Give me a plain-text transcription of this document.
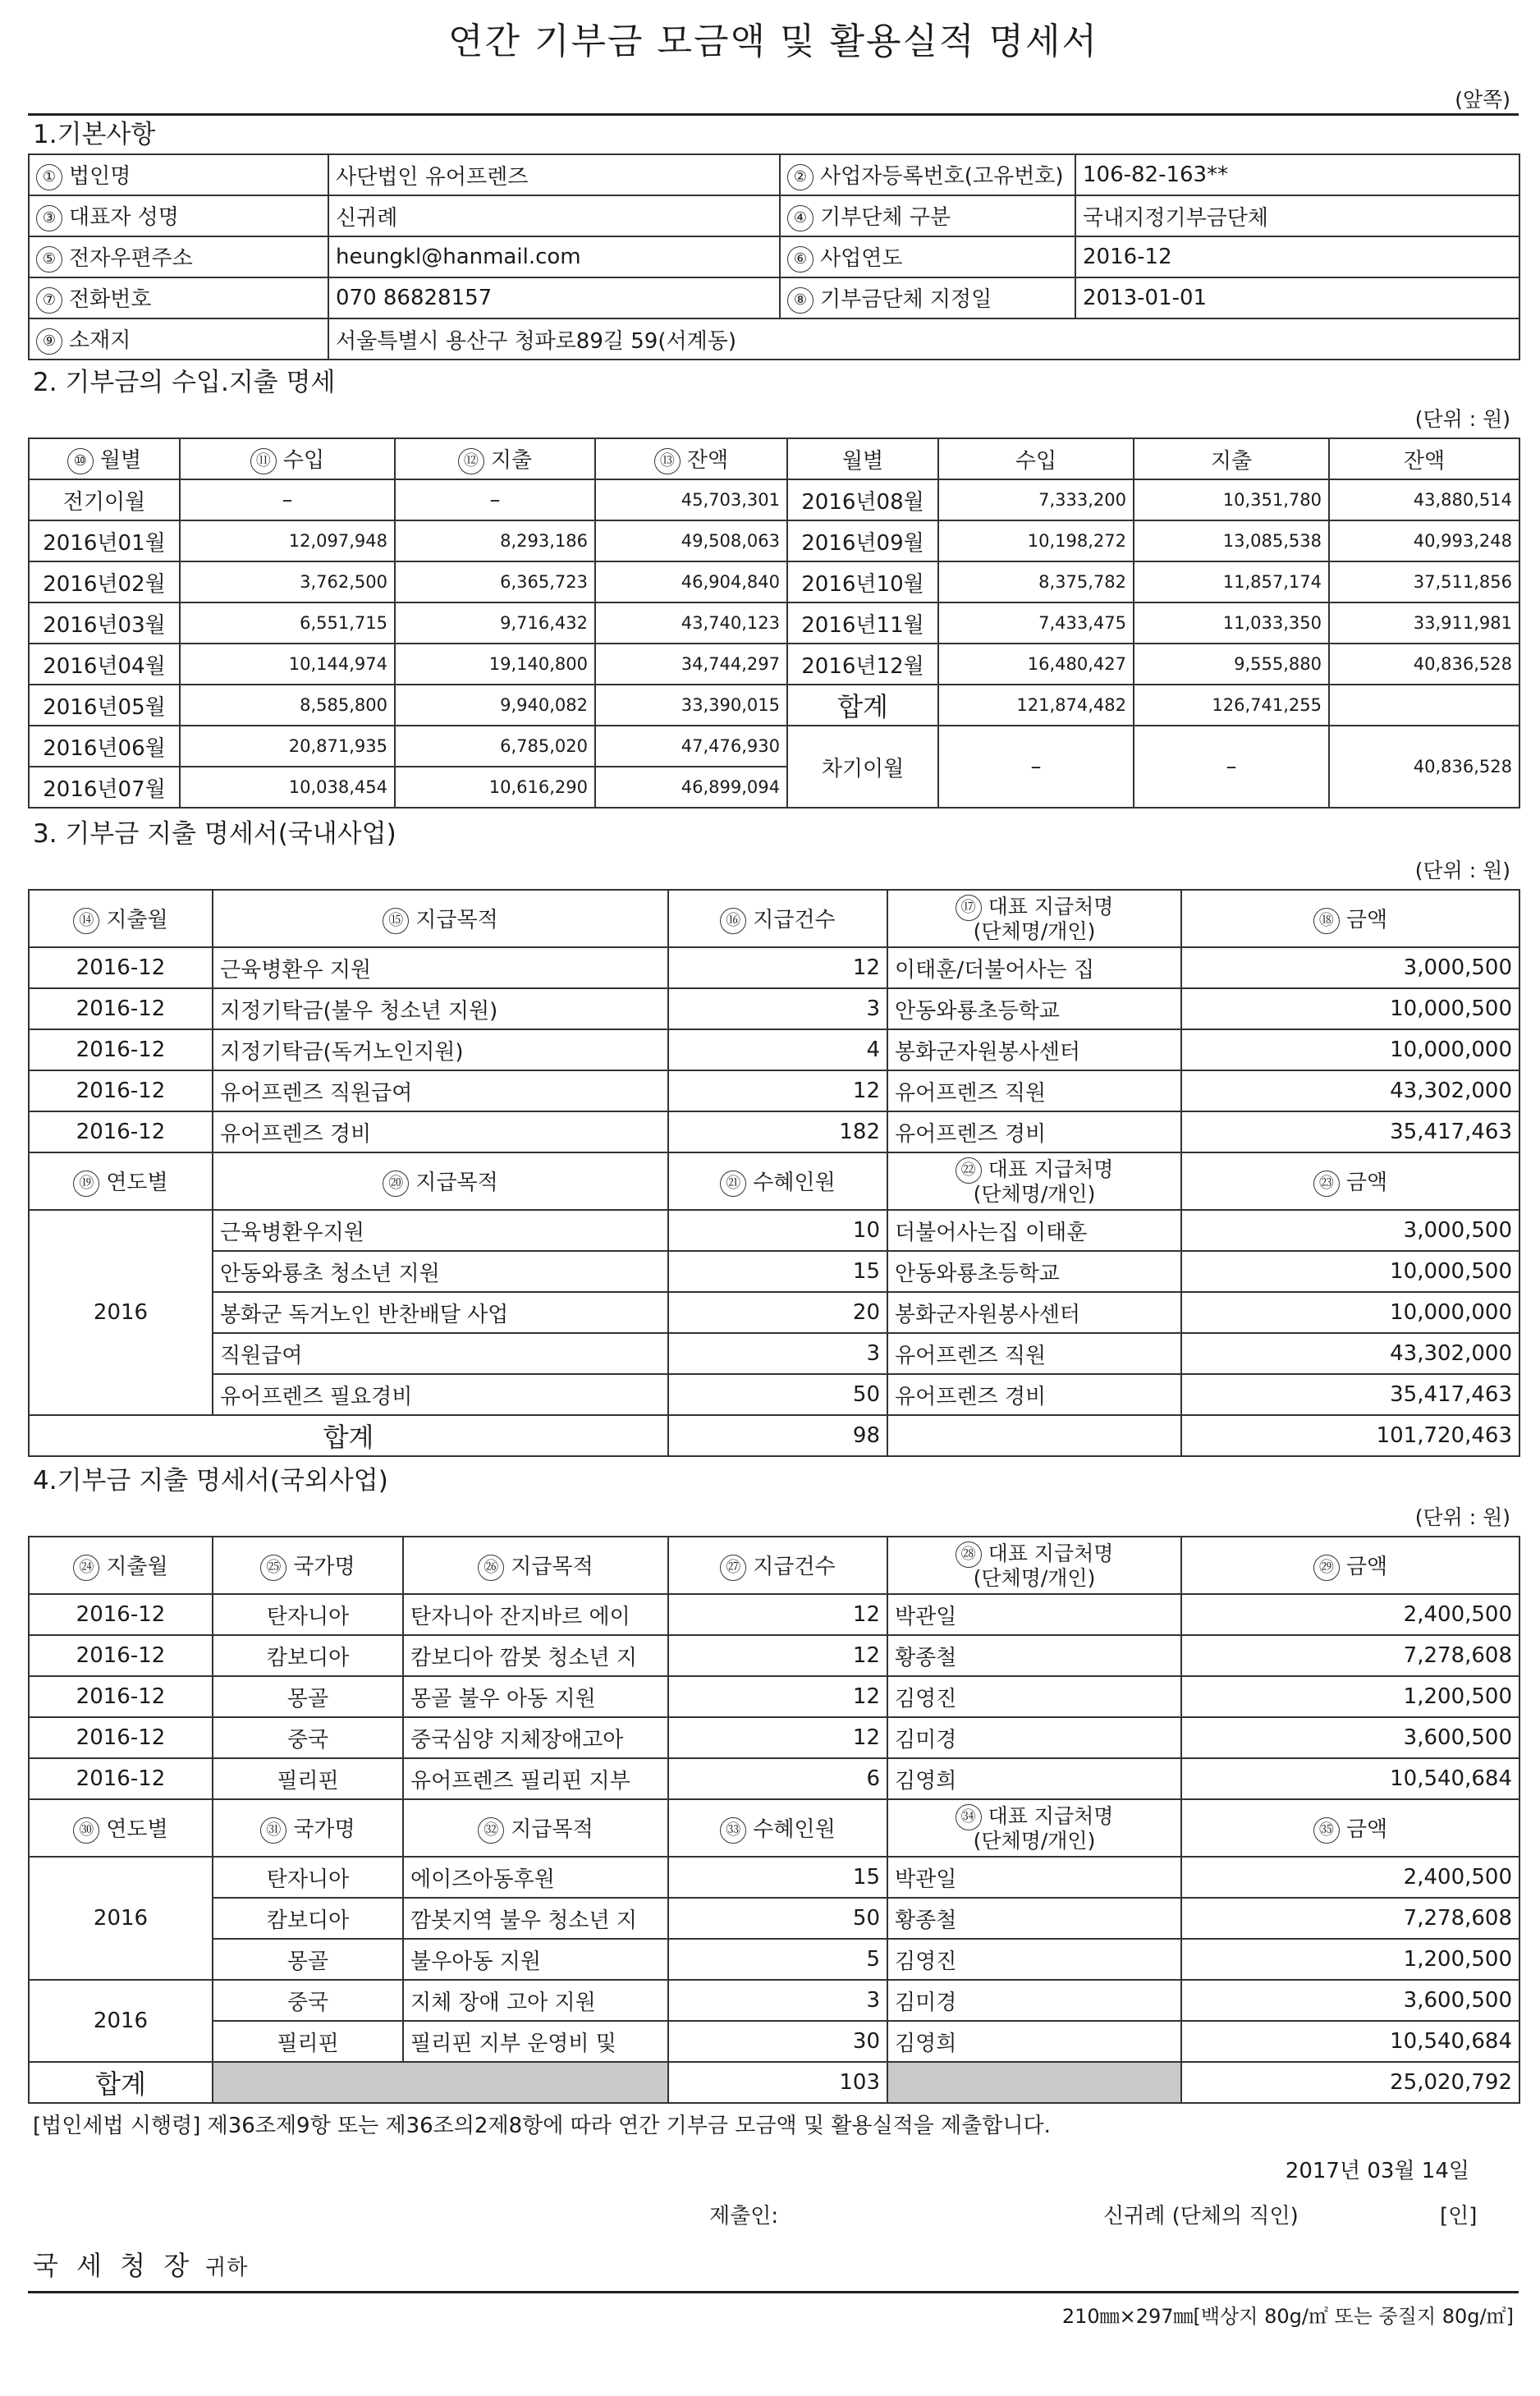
연간 기부금 모금액 및 활용실적 명세서
(앞쪽)
1.기본사항
① 법인명	사단법인 유어프렌즈	② 사업자등록번호(고유번호)	106-82-163**
③ 대표자 성명	신귀례	④ 기부단체 구분	국내지정기부금단체
⑤ 전자우편주소	heungkl@hanmail.com	⑥ 사업연도	2016-12
⑦ 전화번호	070 86828157	⑧ 기부금단체 지정일	2013-01-01
⑨ 소재지	서울특별시 용산구 청파로89길 59(서계동)		
2. 기부금의 수입.지출 명세
(단위 : 원)
⑩ 월별	⑪ 수입	⑫ 지출	⑬ 잔액	월별	수입	지출	잔액
전기이월	–	–	45,703,301	2016년08월	7,333,200	10,351,780	43,880,514
2016년01월	12,097,948	8,293,186	49,508,063	2016년09월	10,198,272	13,085,538	40,993,248
2016년02월	3,762,500	6,365,723	46,904,840	2016년10월	8,375,782	11,857,174	37,511,856
2016년03월	6,551,715	9,716,432	43,740,123	2016년11월	7,433,475	11,033,350	33,911,981
2016년04월	10,144,974	19,140,800	34,744,297	2016년12월	16,480,427	9,555,880	40,836,528
2016년05월	8,585,800	9,940,082	33,390,015	합계	121,874,482	126,741,255	
2016년06월	20,871,935	6,785,020	47,476,930	차기이월	–	–	40,836,528
2016년07월	10,038,454	10,616,290	46,899,094				
3. 기부금 지출 명세서(국내사업)
(단위 : 원)
⑭ 지출월	⑮ 지급목적	⑯ 지급건수	⑰ 대표 지급처명
(단체명/개인)	⑱ 금액
2016-12	근육병환우 지원	12	이태훈/더불어사는 집	3,000,500
2016-12	지정기탁금(불우 청소년 지원)	3	안동와룡초등학교	10,000,500
2016-12	지정기탁금(독거노인지원)	4	봉화군자원봉사센터	10,000,000
2016-12	유어프렌즈 직원급여	12	유어프렌즈 직원	43,302,000
2016-12	유어프렌즈 경비	182	유어프렌즈 경비	35,417,463
⑲ 연도별	⑳ 지급목적	㉑ 수혜인원	㉒ 대표 지급처명
(단체명/개인)	㉓ 금액
2016	근육병환우지원	10	더불어사는집 이태훈	3,000,500
	안동와룡초 청소년 지원	15	안동와룡초등학교	10,000,500
	봉화군 독거노인 반찬배달 사업	20	봉화군자원봉사센터	10,000,000
	직원급여	3	유어프렌즈 직원	43,302,000
	유어프렌즈 필요경비	50	유어프렌즈 경비	35,417,463
합계		98		101,720,463
4.기부금 지출 명세서(국외사업)
(단위 : 원)
㉔ 지출월	㉕ 국가명	㉖ 지급목적	㉗ 지급건수	㉘ 대표 지급처명
(단체명/개인)	㉙ 금액
2016-12	탄자니아	탄자니아 잔지바르 에이	12	박관일	2,400,500
2016-12	캄보디아	캄보디아 깜봇 청소년 지	12	황종철	7,278,608
2016-12	몽골	몽골 불우 아동 지원	12	김영진	1,200,500
2016-12	중국	중국심양 지체장애고아	12	김미경	3,600,500
2016-12	필리핀	유어프렌즈 필리핀 지부	6	김영희	10,540,684
㉚ 연도별	㉛ 국가명	㉜ 지급목적	㉝ 수혜인원	㉞ 대표 지급처명
(단체명/개인)	㉟ 금액
2016	탄자니아	에이즈아동후원	15	박관일	2,400,500
	캄보디아	깜봇지역 불우 청소년 지	50	황종철	7,278,608
	몽골	불우아동 지원	5	김영진	1,200,500
2016	중국	지체 장애 고아 지원	3	김미경	3,600,500
	필리핀	필리핀 지부 운영비 및	30	김영희	10,540,684
합계			103		25,020,792
[법인세법 시행령] 제36조제9항 또는 제36조의2제8항에 따라 연간 기부금 모금액 및 활용실적을 제출합니다.
2017년 03월 14일
제출인:	신귀례 (단체의 직인)	[인]
국 세 청 장 귀하
210㎜×297㎜[백상지 80g/㎡ 또는 중질지 80g/㎡]
